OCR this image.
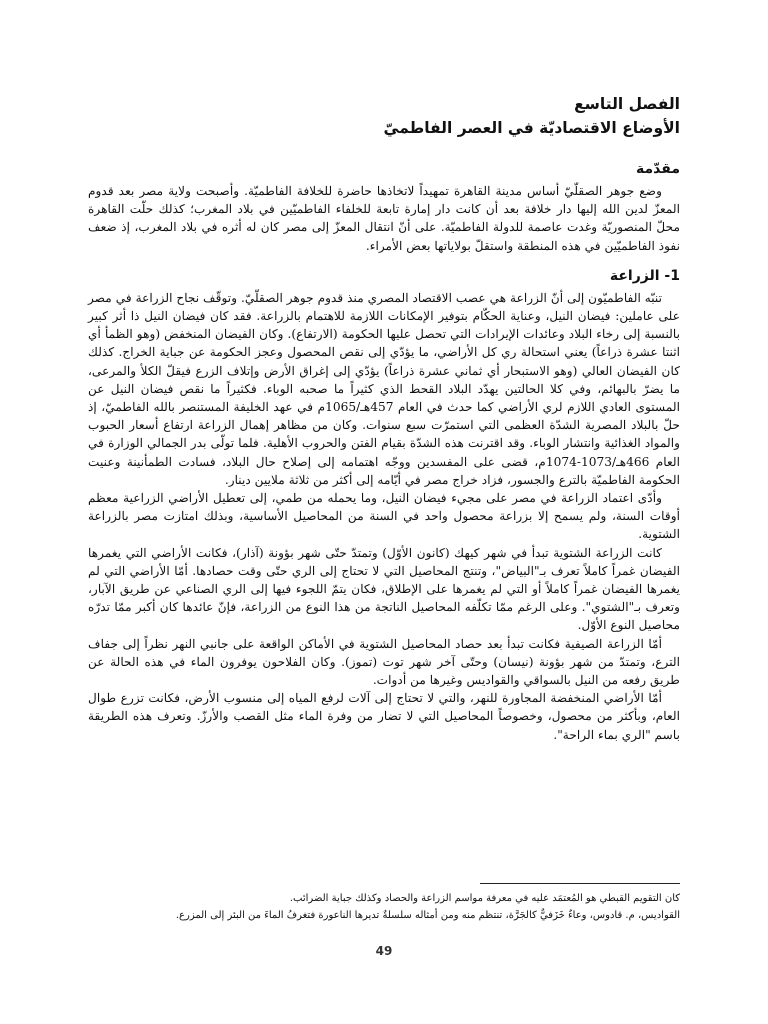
الفصل التاسع
الأوضاع الاقتصاديّة في العصر الفاطميّ
مقدّمة

وضع جوهر الصقلّيّ أساس مدينة القاهرة تمهيداً لاتخاذها حاضرة للخلافة الفاطميّة. وأصبحت ولاية مصر بعد قدوم المعزّ لدين الله إليها دار خلافة بعد أن كانت دار إمارة تابعة للخلفاء الفاطميّين في بلاد المغرب؛ كذلك حلّت القاهرة محلّ المنصوريّة وغدت عاصمة للدولة الفاطميّة. على أنّ انتقال المعزّ إلى مصر كان له أثره في بلاد المغرب، إذ ضعف نفوذ الفاطميّين في هذه المنطقة واستقلّ بولاياتها بعض الأمراء.

1- الزراعة

تنبّه الفاطميّون إلى أنّ الزراعة هي عصب الاقتصاد المصري منذ قدوم جوهر الصقلّيّ. وتوقّف نجاح الزراعة في مصر على عاملين: فيضان النيل، وعناية الحكّام بتوفير الإمكانات اللازمة للاهتمام بالزراعة. فقد كان فيضان النيل ذا أثر كبير بالنسبة إلى رخاء البلاد وعائدات الإيرادات التي تحصل عليها الحكومة (الارتفاع). وكان الفيضان المنخفض (وهو الظمأ أي اثنتا عشرة ذراعاً) يعني استحالة ري كل الأراضي، ما يؤدّي إلى نقص المحصول وعجز الحكومة عن جباية الخراج. كذلك كان الفيضان العالي (وهو الاستبحار أي ثماني عشرة ذراعاً) يؤدّي إلى إغراق الأرض وإتلاف الزرع فيقلّ الكلأ والمرعى، ما يضرّ بالبهائم، وفي كلا الحالتين يهدّد البلاد القحط الذي كثيراً ما صحبه الوباء. فكثيراً ما نقص فيضان النيل عن المستوى العادي اللازم لري الأراضي كما حدث في العام 457هـ/1065م في عهد الخليفة المستنصر بالله الفاطميّ، إذ حلّ بالبلاد المصرية الشدّة العظمى التي استمرّت سبع سنوات. وكان من مظاهر إهمال الزراعة ارتفاع أسعار الحبوب والمواد الغذائية وانتشار الوباء. وقد اقترنت هذه الشدّة بقيام الفتن والحروب الأهلية. فلما تولّى بدر الجمالي الوزارة في العام 466هـ/1073-1074م، قضى على المفسدين ووجّه اهتمامه إلى إصلاح حال البلاد، فسادت الطمأنينة وعنيت الحكومة الفاطميّة بالترع والجسور، فزاد خراج مصر في أيّامه إلى أكثر من ثلاثة ملايين دينار.

وأدّى اعتماد الزراعة في مصر على مجيء فيضان النيل، وما يحمله من طمي، إلى تعطيل الأراضي الزراعية معظم أوقات السنة، ولم يسمح إلا بزراعة محصول واحد في السنة من المحاصيل الأساسية، وبذلك امتازت مصر بالزراعة الشتوية.

كانت الزراعة الشتوية تبدأ في شهر كيهك (كانون الأوّل) وتمتدّ حتّى شهر بؤونة (آذار)، فكانت الأراضي التي يغمرها الفيضان غمراً كاملاً تعرف بـ"البياض"، وتنتج المحاصيل التي لا تحتاج إلى الري حتّى وقت حصادها. أمّا الأراضي التي لم يغمرها الفيضان غمراً كاملاً أو التي لم يغمرها على الإطلاق، فكان يتمّ اللجوء فيها إلى الري الصناعي عن طريق الآبار، وتعرف بـ"الشتوي". وعلى الرغم ممّا تكلّفه المحاصيل الناتجة من هذا النوع من الزراعة، فإنّ عائدها كان أكبر ممّا تدرّه محاصيل النوع الأوّل.

أمّا الزراعة الصيفية فكانت تبدأ بعد حصاد المحاصيل الشتوية في الأماكن الواقعة على جانبي النهر نظراً إلى جفاف الترع، وتمتدّ من شهر بؤونة (نيسان) وحتّى آخر شهر توت (تموز). وكان الفلاحون يوفرون الماء في هذه الحالة عن طريق رفعه من النيل بالسواقي والقواديس وغيرها من أدوات.

أمّا الأراضي المنخفضة المجاورة للنهر، والتي لا تحتاج إلى آلات لرفع المياه إلى منسوب الأرض، فكانت تزرع طوال العام، وبأكثر من محصول، وخصوصاً المحاصيل التي لا تضار من وفرة الماء مثل القصب والأرزّ. وتعرف هذه الطريقة باسم "الري بماء الراحة".

كان التقويم القبطي هو المُعتمَد عليه في معرفة مواسم الزراعة والحصاد وكذلك جباية الضرائب.

القواديس، م. قادوس، وعاءٌ خَزَفيٌّ كالجَرَّة، تنتظم منه ومن أمثاله سلسلةٌ تديرها الناعورة فتغرفُ الماءَ من البئر إلى المزرع.

49
